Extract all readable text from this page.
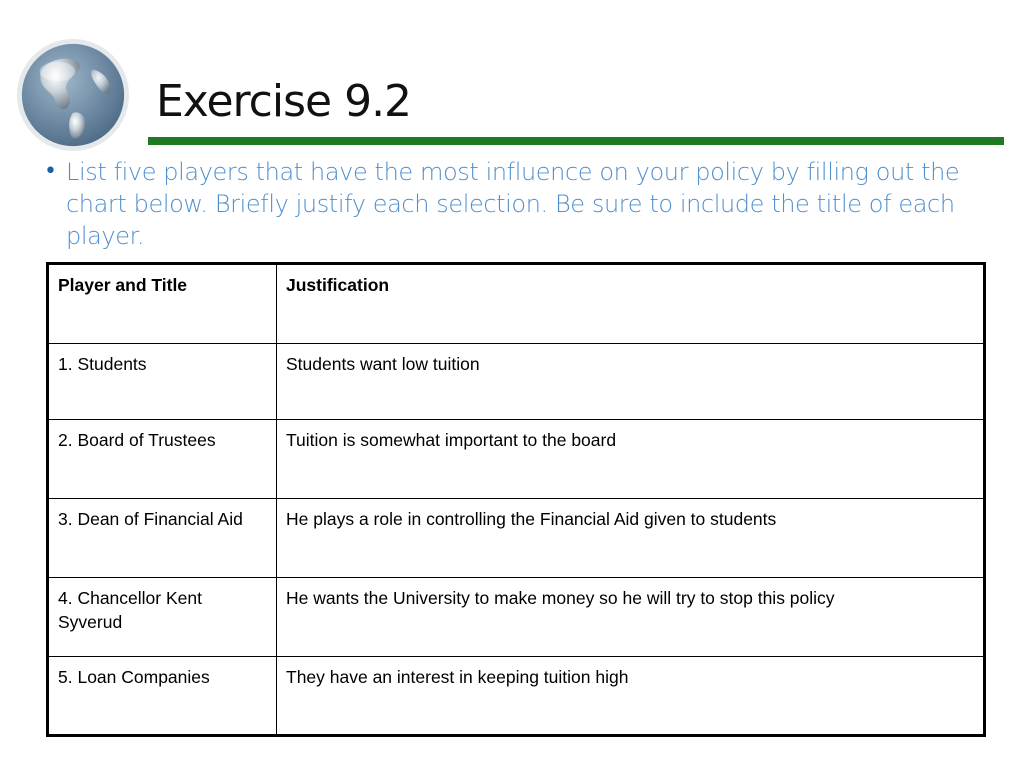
Exercise 9.2
• List five players that have the most influence on your policy by filling out the chart below. Briefly justify each selection. Be sure to include the title of each player.
Player and Title	Justification
1. Students	Students want low tuition
2. Board of Trustees	Tuition is somewhat important to the board
3. Dean of Financial Aid	He plays a role in controlling the Financial Aid given to students
4. Chancellor Kent Syverud	He wants the University to make money so he will try to stop this policy
5. Loan Companies	They have an interest in keeping tuition high
